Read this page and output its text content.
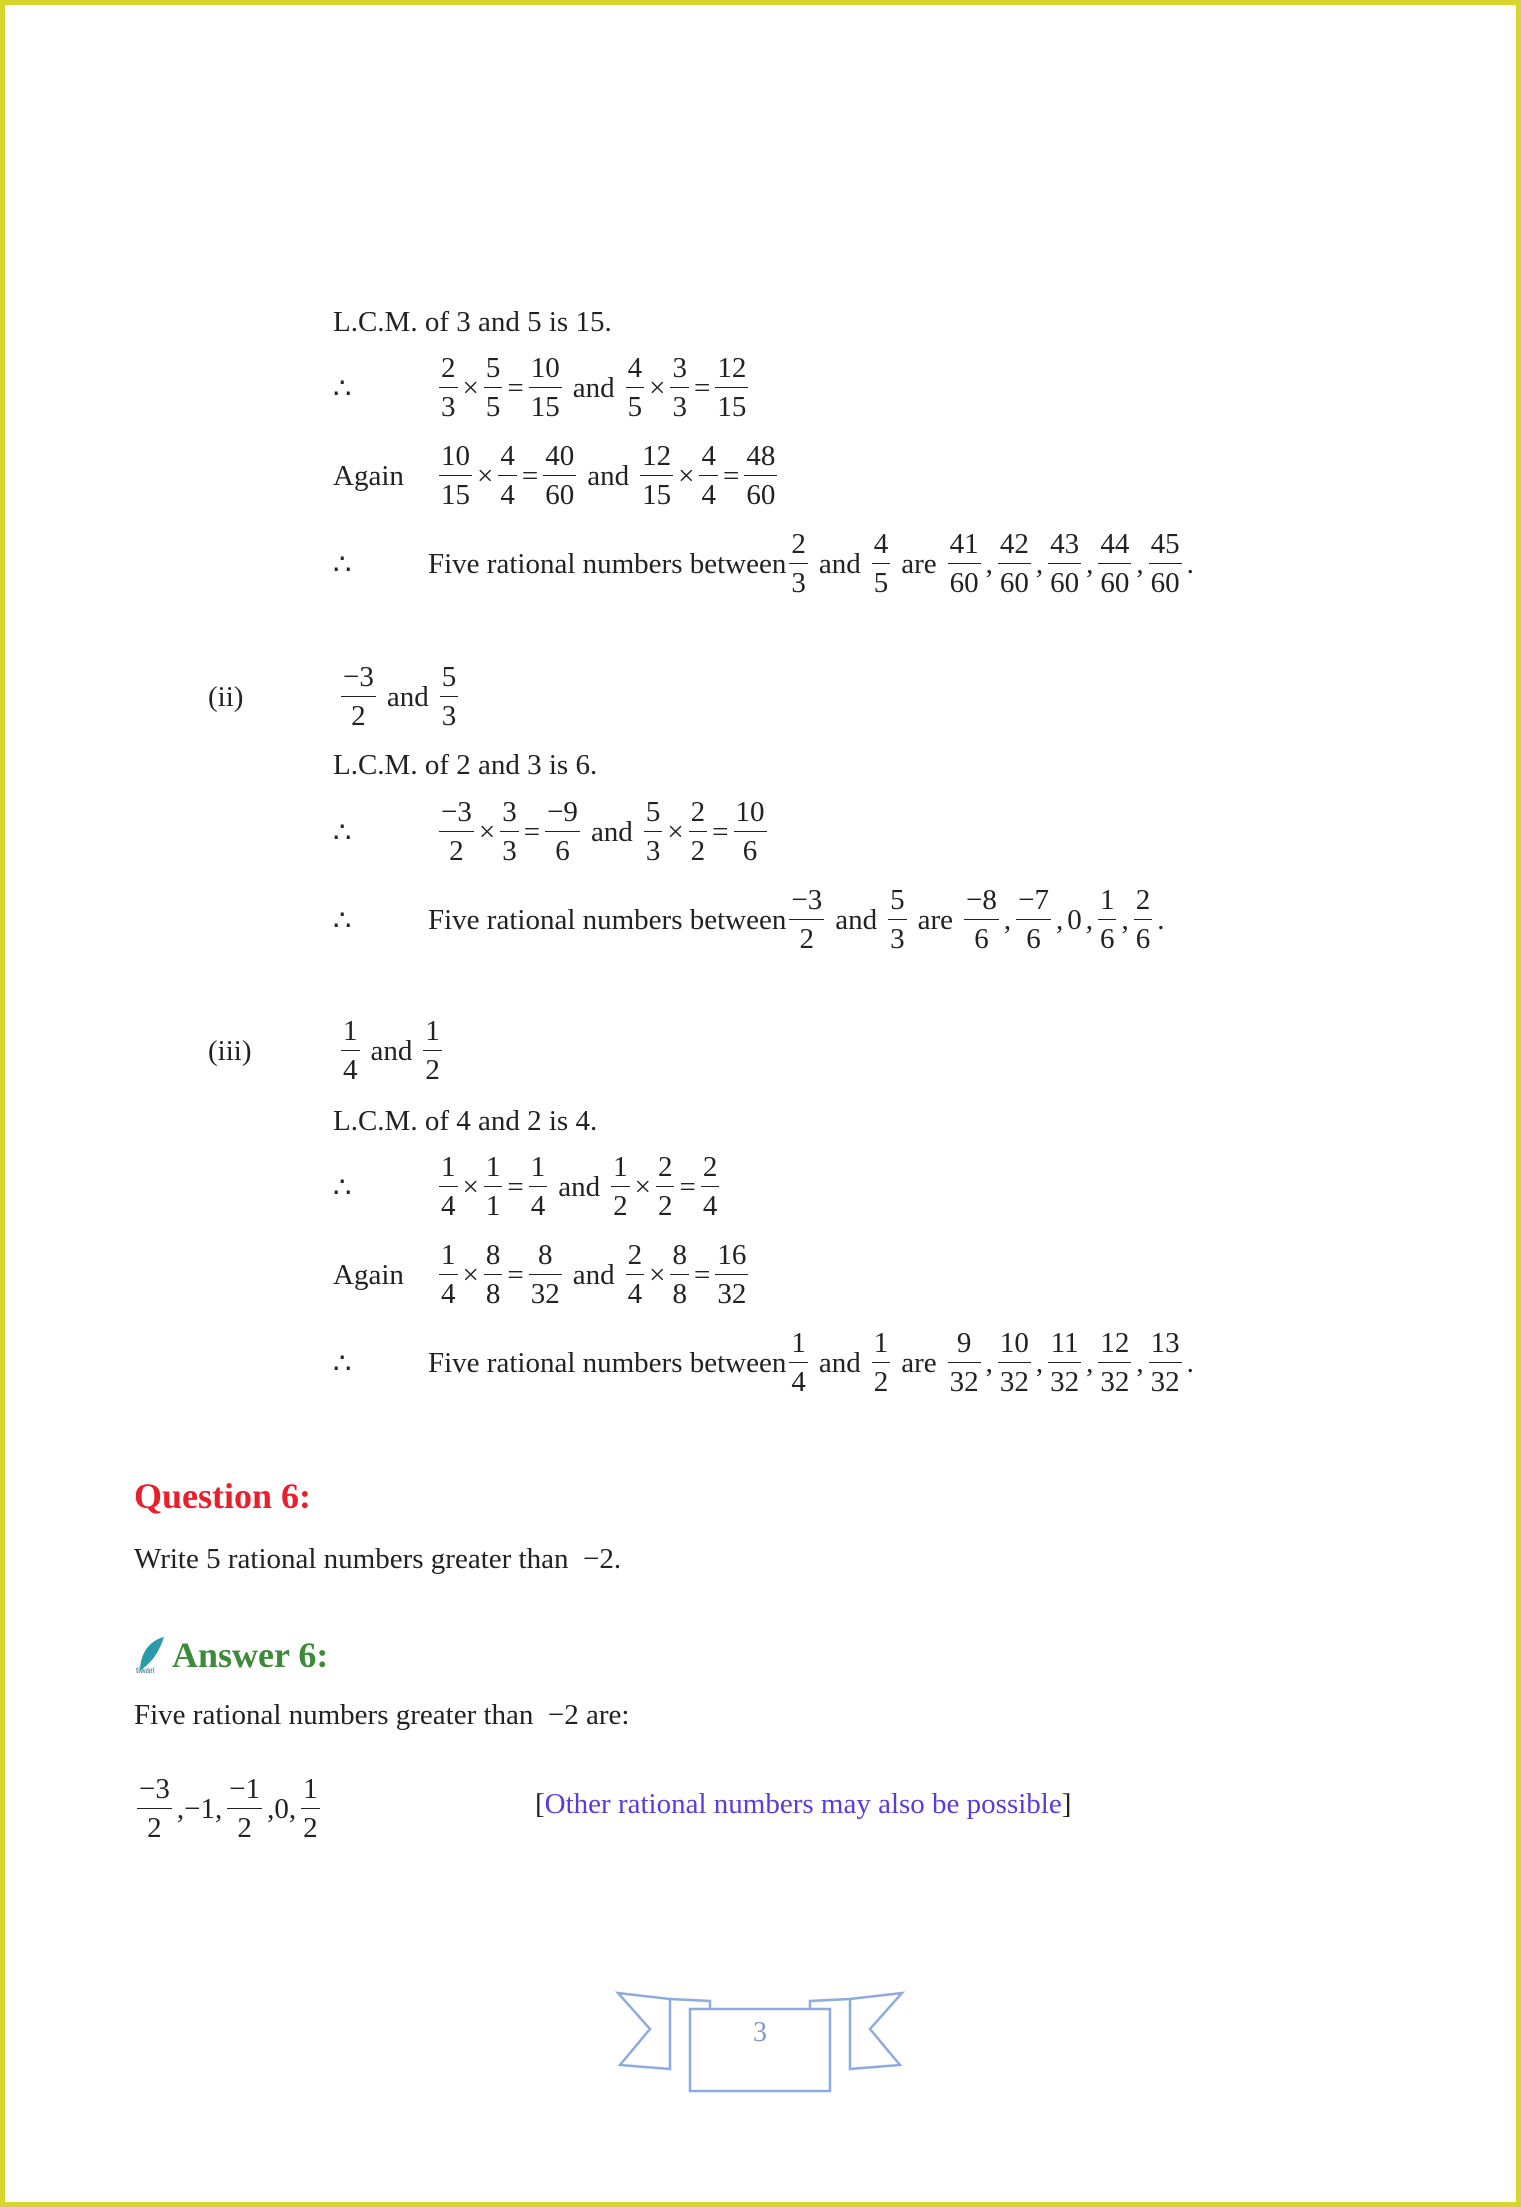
L.C.M. of 3 and 5 is 15.
∴	$\frac{2}{3} \times \frac{5}{5} = \frac{10}{15}$ and $\frac{4}{5} \times \frac{3}{3} = \frac{12}{15}$
Again $\frac{10}{15} \times \frac{4}{4} = \frac{40}{60}$ and $\frac{12}{15} \times \frac{4}{4} = \frac{48}{60}$
∴	Five rational numbers between $\frac{2}{3}$ and $\frac{4}{5}$ are $\frac{41}{60}$ , $\frac{42}{60}$ , $\frac{43}{60}$ , $\frac{44}{60}$ , $\frac{45}{60}$ .
(ii)	$\frac{-3}{2}$ and $\frac{5}{3}$
L.C.M. of 2 and 3 is 6.
∴	$\frac{-3}{2} \times \frac{3}{3} = \frac{-9}{6}$ and $\frac{5}{3} \times \frac{2}{2} = \frac{10}{6}$
∴	Five rational numbers between $\frac{-3}{2}$ and $\frac{5}{3}$ are $\frac{-8}{6}$ , $\frac{-7}{6}$ , 0 , $\frac{1}{6}$ , $\frac{2}{6}$ .
(iii)	$\frac{1}{4}$ and $\frac{1}{2}$
L.C.M. of 4 and 2 is 4.
∴	$\frac{1}{4} \times \frac{1}{1} = \frac{1}{4}$ and $\frac{1}{2} \times \frac{2}{2} = \frac{2}{4}$
Again $\frac{1}{4} \times \frac{8}{8} = \frac{8}{32}$ and $\frac{2}{4} \times \frac{8}{8} = \frac{16}{32}$
∴	Five rational numbers between $\frac{1}{4}$ and $\frac{1}{2}$ are $\frac{9}{32}$ , $\frac{10}{32}$ , $\frac{11}{32}$ , $\frac{12}{32}$ , $\frac{13}{32}$ .
Write 5 rational numbers greater than  −2.
Five rational numbers greater than  −2 are:
$\frac{-3}{2} ,-1$, $\frac{-1}{2} ,0$, $\frac{1}{2}$
Question 6:
tiwari Answer 6:
[Other rational numbers may also be possible]
3
